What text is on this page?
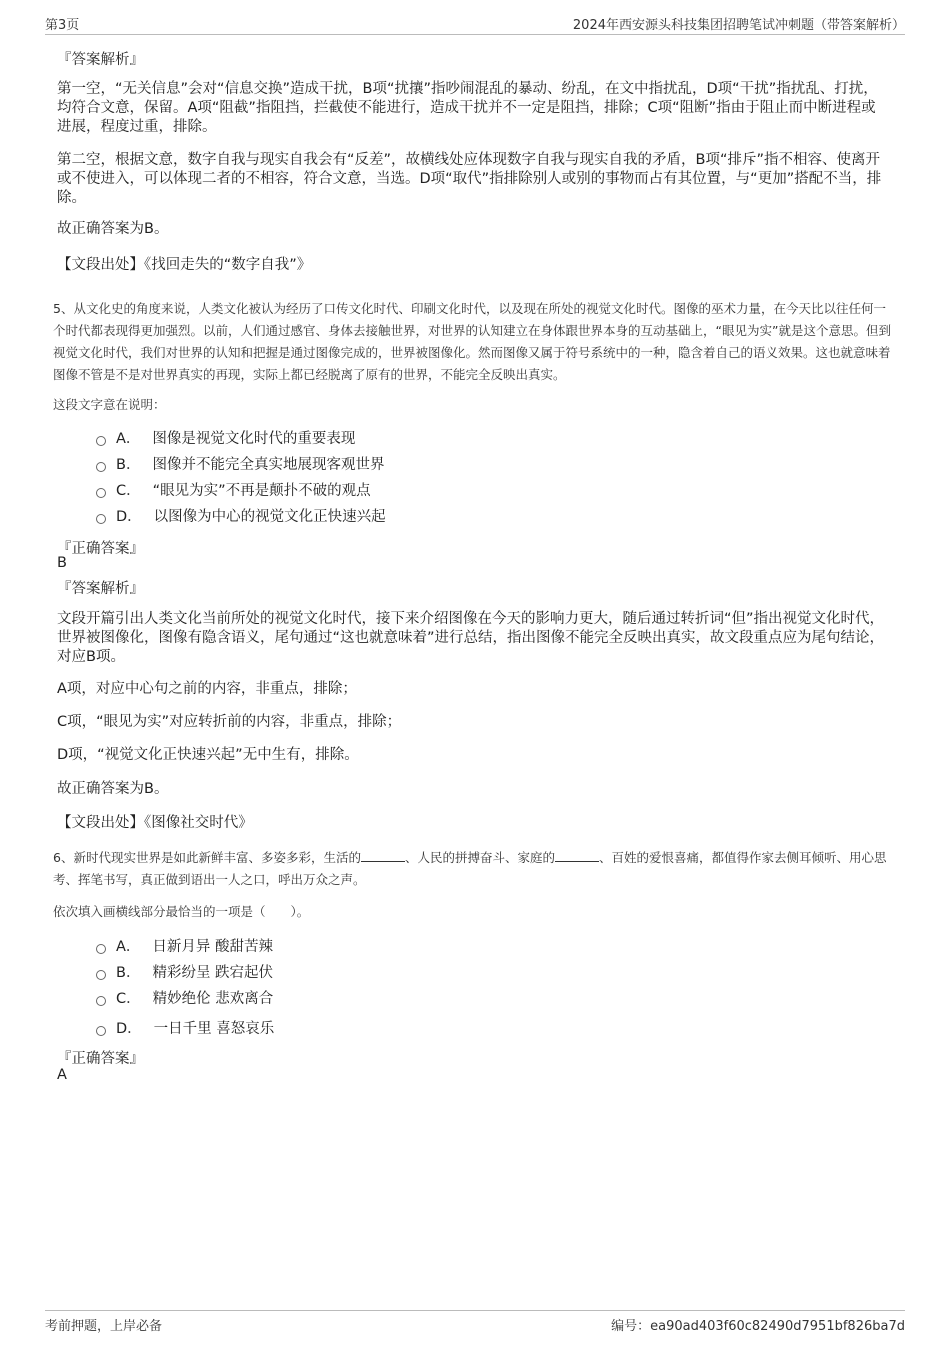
第3页	2024年西安源头科技集团招聘笔试冲刺题（带答案解析）
『答案解析』
第一空，“无关信息”会对“信息交换”造成干扰，B项“扰攘”指吵闹混乱的暴动、纷乱，在文中指扰乱，D项“干扰”指扰乱、打扰，均符合文意，保留。A项“阻截”指阻挡，拦截使不能进行，造成干扰并不一定是阻挡，排除；C项“阻断”指由于阻止而中断进程或进展，程度过重，排除。
第二空，根据文意，数字自我与现实自我会有“反差”，故横线处应体现数字自我与现实自我的矛盾，B项“排斥”指不相容、使离开或不使进入，可以体现二者的不相容，符合文意，当选。D项“取代”指排除别人或别的事物而占有其位置，与“更加”搭配不当，排除。
故正确答案为B。
【文段出处】《找回走失的“数字自我”》
5、从文化史的角度来说，人类文化被认为经历了口传文化时代、印刷文化时代，以及现在所处的视觉文化时代。图像的巫术力量，在今天比以往任何一个时代都表现得更加强烈。以前，人们通过感官、身体去接触世界，对世界的认知建立在身体跟世界本身的互动基础上，“眼见为实”就是这个意思。但到视觉文化时代，我们对世界的认知和把握是通过图像完成的，世界被图像化。然而图像又属于符号系统中的一种，隐含着自己的语义效果。这也就意味着图像不管是不是对世界真实的再现，实际上都已经脱离了原有的世界，不能完全反映出真实。
这段文字意在说明：
A． 图像是视觉文化时代的重要表现
B． 图像并不能完全真实地展现客观世界
C． “眼见为实”不再是颠扑不破的观点
D． 以图像为中心的视觉文化正快速兴起
『正确答案』
B
『答案解析』
文段开篇引出人类文化当前所处的视觉文化时代，接下来介绍图像在今天的影响力更大，随后通过转折词“但”指出视觉文化时代，世界被图像化，图像有隐含语义，尾句通过“这也就意味着”进行总结，指出图像不能完全反映出真实，故文段重点应为尾句结论，对应B项。
A项，对应中心句之前的内容，非重点，排除；
C项，“眼见为实”对应转折前的内容，非重点，排除；
D项，“视觉文化正快速兴起”无中生有，排除。
故正确答案为B。
【文段出处】《图像社交时代》
6、新时代现实世界是如此新鲜丰富、多姿多彩，生活的	、人民的拼搏奋斗、家庭的	、百姓的爱恨喜痛，都值得作家去侧耳倾听、用心思考、挥笔书写，真正做到语出一人之口，呼出万众之声。
依次填入画横线部分最恰当的一项是（　　）。
A． 日新月异 酸甜苦辣
B． 精彩纷呈 跌宕起伏
C． 精妙绝伦 悲欢离合
D． 一日千里 喜怒哀乐
『正确答案』
A
考前押题，上岸必备	编号：ea90ad403f60c82490d7951bf826ba7d
